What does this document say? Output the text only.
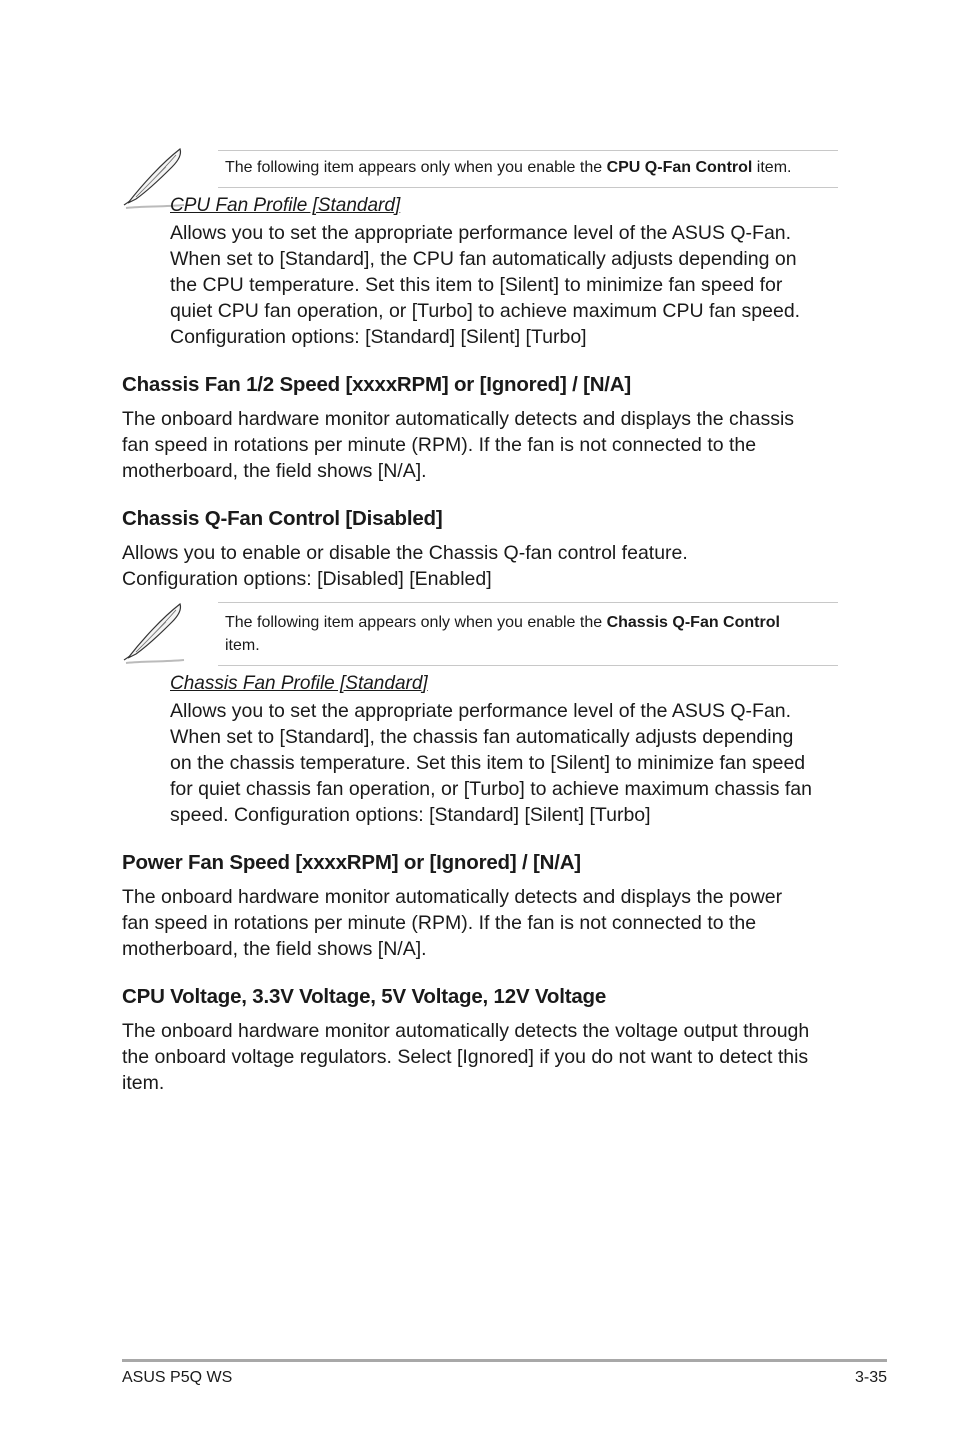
The following item appears only when you enable the CPU Q-Fan Control item.
CPU Fan Profile [Standard]

Allows you to set the appropriate performance level of the ASUS Q-Fan.

When set to [Standard], the CPU fan automatically adjusts depending on

the CPU temperature. Set this item to [Silent] to minimize fan speed for

quiet CPU fan operation, or [Turbo] to achieve maximum CPU fan speed.

Configuration options: [Standard] [Silent] [Turbo]

Chassis Fan 1/2 Speed [xxxxRPM] or [Ignored] / [N/A]

The onboard hardware monitor automatically detects and displays the chassis

fan speed in rotations per minute (RPM). If the fan is not connected to the

motherboard, the field shows [N/A].

Chassis Q-Fan Control [Disabled]

Allows you to enable or disable the Chassis Q-fan control feature.

Configuration options: [Disabled] [Enabled]

The following item appears only when you enable the Chassis Q-Fan Control
item.
Chassis Fan Profile [Standard]

Allows you to set the appropriate performance level of the ASUS Q-Fan.

When set to [Standard], the chassis fan automatically adjusts depending

on the chassis temperature. Set this item to [Silent] to minimize fan speed

for quiet chassis fan operation, or [Turbo] to achieve maximum chassis fan

speed. Configuration options: [Standard] [Silent] [Turbo]

Power Fan Speed [xxxxRPM] or [Ignored] / [N/A]

The onboard hardware monitor automatically detects and displays the power

fan speed in rotations per minute (RPM). If the fan is not connected to the

motherboard, the field shows [N/A].

CPU Voltage, 3.3V Voltage, 5V Voltage, 12V Voltage

The onboard hardware monitor automatically detects the voltage output through

the onboard voltage regulators. Select [Ignored] if you do not want to detect this

item.

ASUS P5Q WS	3-35
